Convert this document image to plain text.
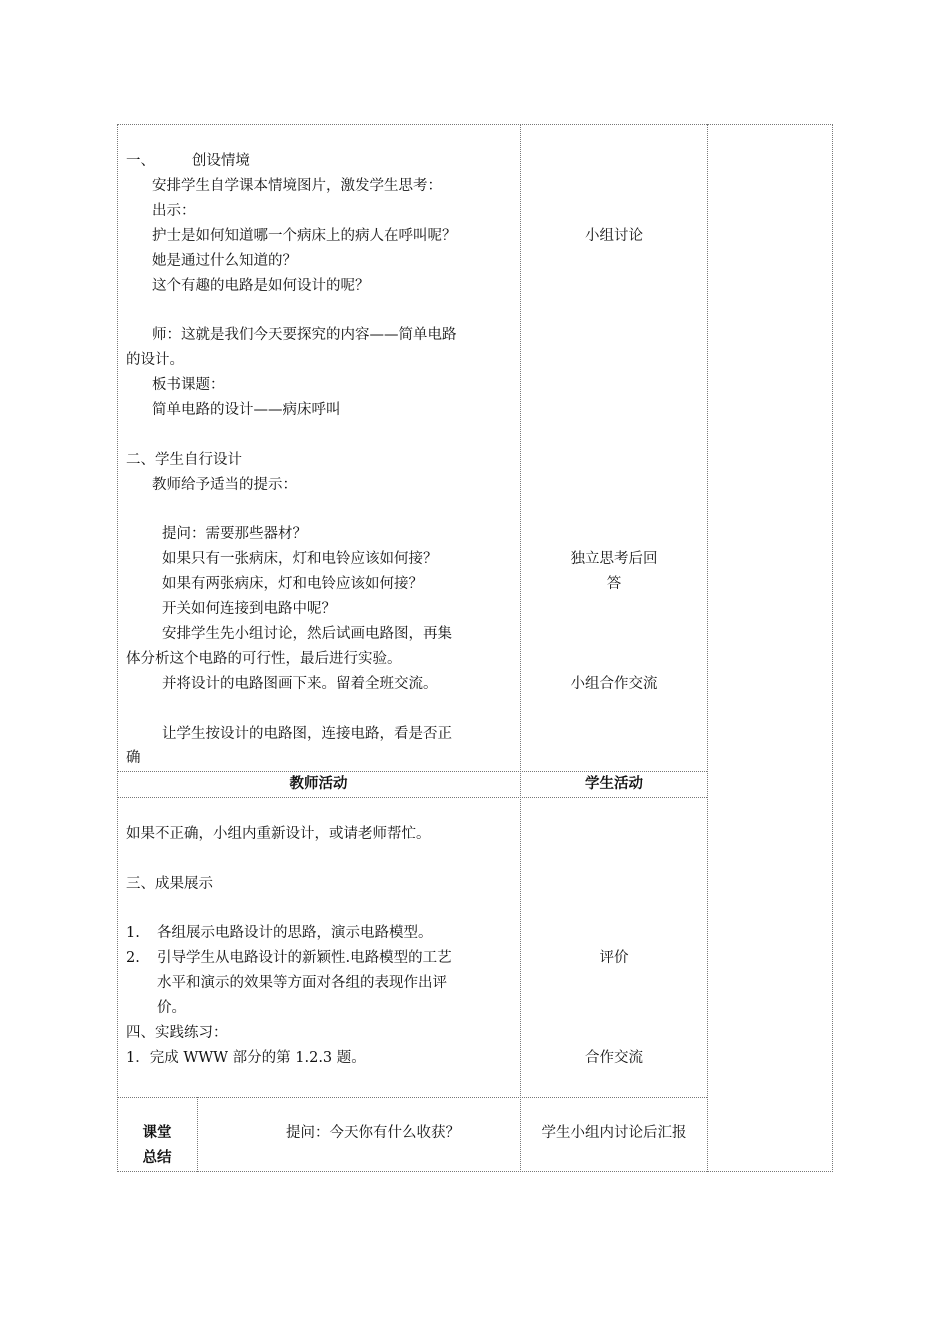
一、        创设情境
安排学生自学课本情境图片，激发学生思考：
出示：
护士是如何知道哪一个病床上的病人在呼叫呢？
她是通过什么知道的？
这个有趣的电路是如何设计的呢？
师：这就是我们今天要探究的内容——简单电路
的设计。
板书课题：
简单电路的设计——病床呼叫
二、学生自行设计
教师给予适当的提示：
提问：需要那些器材？
如果只有一张病床，灯和电铃应该如何接？
如果有两张病床，灯和电铃应该如何接？
开关如何连接到电路中呢？
安排学生先小组讨论，然后试画电路图，再集
体分析这个电路的可行性，最后进行实验。
并将设计的电路图画下来。留着全班交流。
让学生按设计的电路图，连接电路，看是否正
确
小组讨论
独立思考后回
答
小组合作交流
教师活动	学生活动
如果不正确，小组内重新设计，或请老师帮忙。
三、成果展示
1. 各组展示电路设计的思路，演示电路模型。
2. 引导学生从电路设计的新颖性.电路模型的工艺
水平和演示的效果等方面对各组的表现作出评
价。
四、实践练习：
1．完成 WWW 部分的第 1.2.3 题。
评价
合作交流
课堂
总结
提问：今天你有什么收获？	学生小组内讨论后汇报
